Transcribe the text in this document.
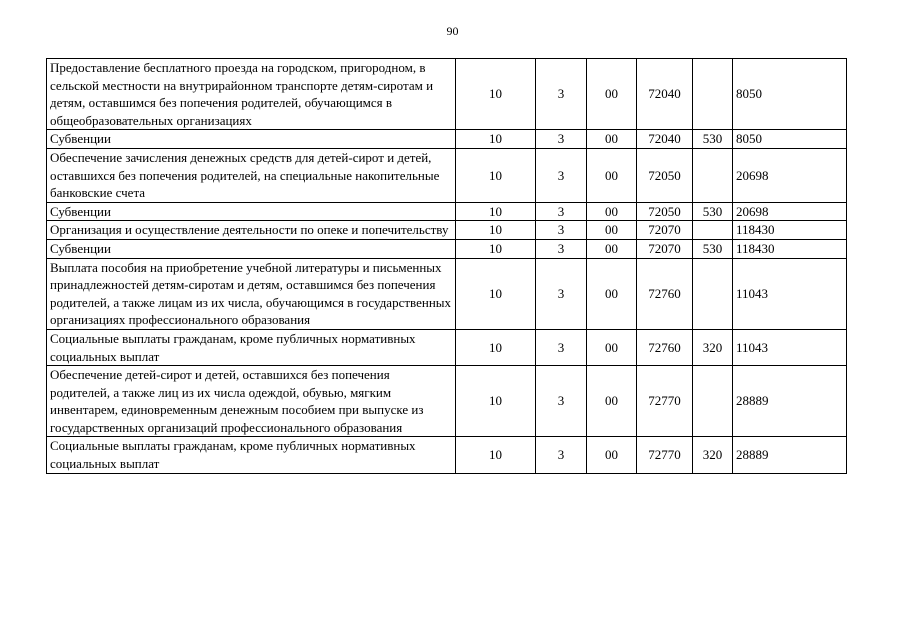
90
Предоставление бесплатного проезда на городском, пригородном, в сельской местности на внутрирайонном транспорте детям-сиротам и детям, оставшимся без попечения родителей, обучающимся в общеобразовательных организациях	10	3	00	72040		8050
Субвенции	10	3	00	72040	530	8050
Обеспечение зачисления денежных средств для детей-сирот и детей, оставшихся без попечения родителей, на специальные накопительные банковские счета	10	3	00	72050		20698
Субвенции	10	3	00	72050	530	20698
Организация и осуществление деятельности по опеке и попечительству	10	3	00	72070		118430
Субвенции	10	3	00	72070	530	118430
Выплата пособия на приобретение учебной литературы и письменных принадлежностей детям-сиротам и детям, оставшимся без попечения родителей, а также лицам из их числа, обучающимся в государственных организациях профессионального образования	10	3	00	72760		11043
Социальные выплаты гражданам, кроме публичных нормативных социальных выплат	10	3	00	72760	320	11043
Обеспечение детей-сирот и детей, оставшихся без попечения родителей, а также лиц из их числа одеждой, обувью, мягким инвентарем, единовременным денежным пособием при выпуске из государственных организаций профессионального образования	10	3	00	72770		28889
Социальные выплаты гражданам, кроме публичных нормативных социальных выплат	10	3	00	72770	320	28889
